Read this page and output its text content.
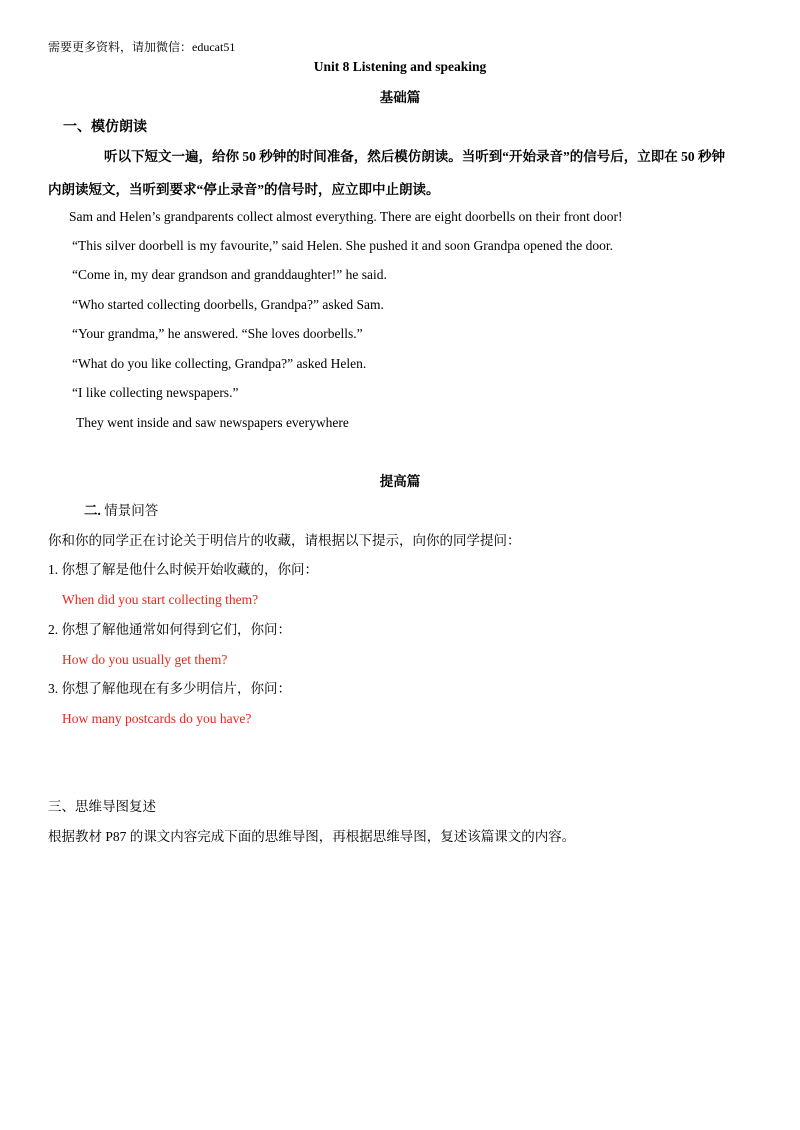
需要更多资料，请加微信：educat51
Unit 8 Listening and speaking
基础篇
一、模仿朗读
听以下短文一遍，给你 50 秒钟的时间准备，然后模仿朗读。当听到“开始录音”的信号后，立即在 50 秒钟
内朗读短文，当听到要求“停止录音”的信号时，应立即中止朗读。
Sam and Helen’s grandparents collect almost everything. There are eight doorbells on their front door!
“This silver doorbell is my favourite,” said Helen. She pushed it and soon Grandpa opened the door.
“Come in, my dear grandson and granddaughter!” he said.
“Who started collecting doorbells, Grandpa?” asked Sam.
“Your grandma,” he answered. “She loves doorbells.”
“What do you like collecting, Grandpa?” asked Helen.
“I like collecting newspapers.”
They went inside and saw newspapers everywhere
提高篇
二. 情景问答
你和你的同学正在讨论关于明信片的收藏，请根据以下提示，向你的同学提问：
1. 你想了解是他什么时候开始收藏的，你问：
When did you start collecting them?
2. 你想了解他通常如何得到它们，你问：
How do you usually get them?
3. 你想了解他现在有多少明信片，你问：
How many postcards do you have?
三、思维导图复述
根据教材 P87 的课文内容完成下面的思维导图，再根据思维导图，复述该篇课文的内容。
